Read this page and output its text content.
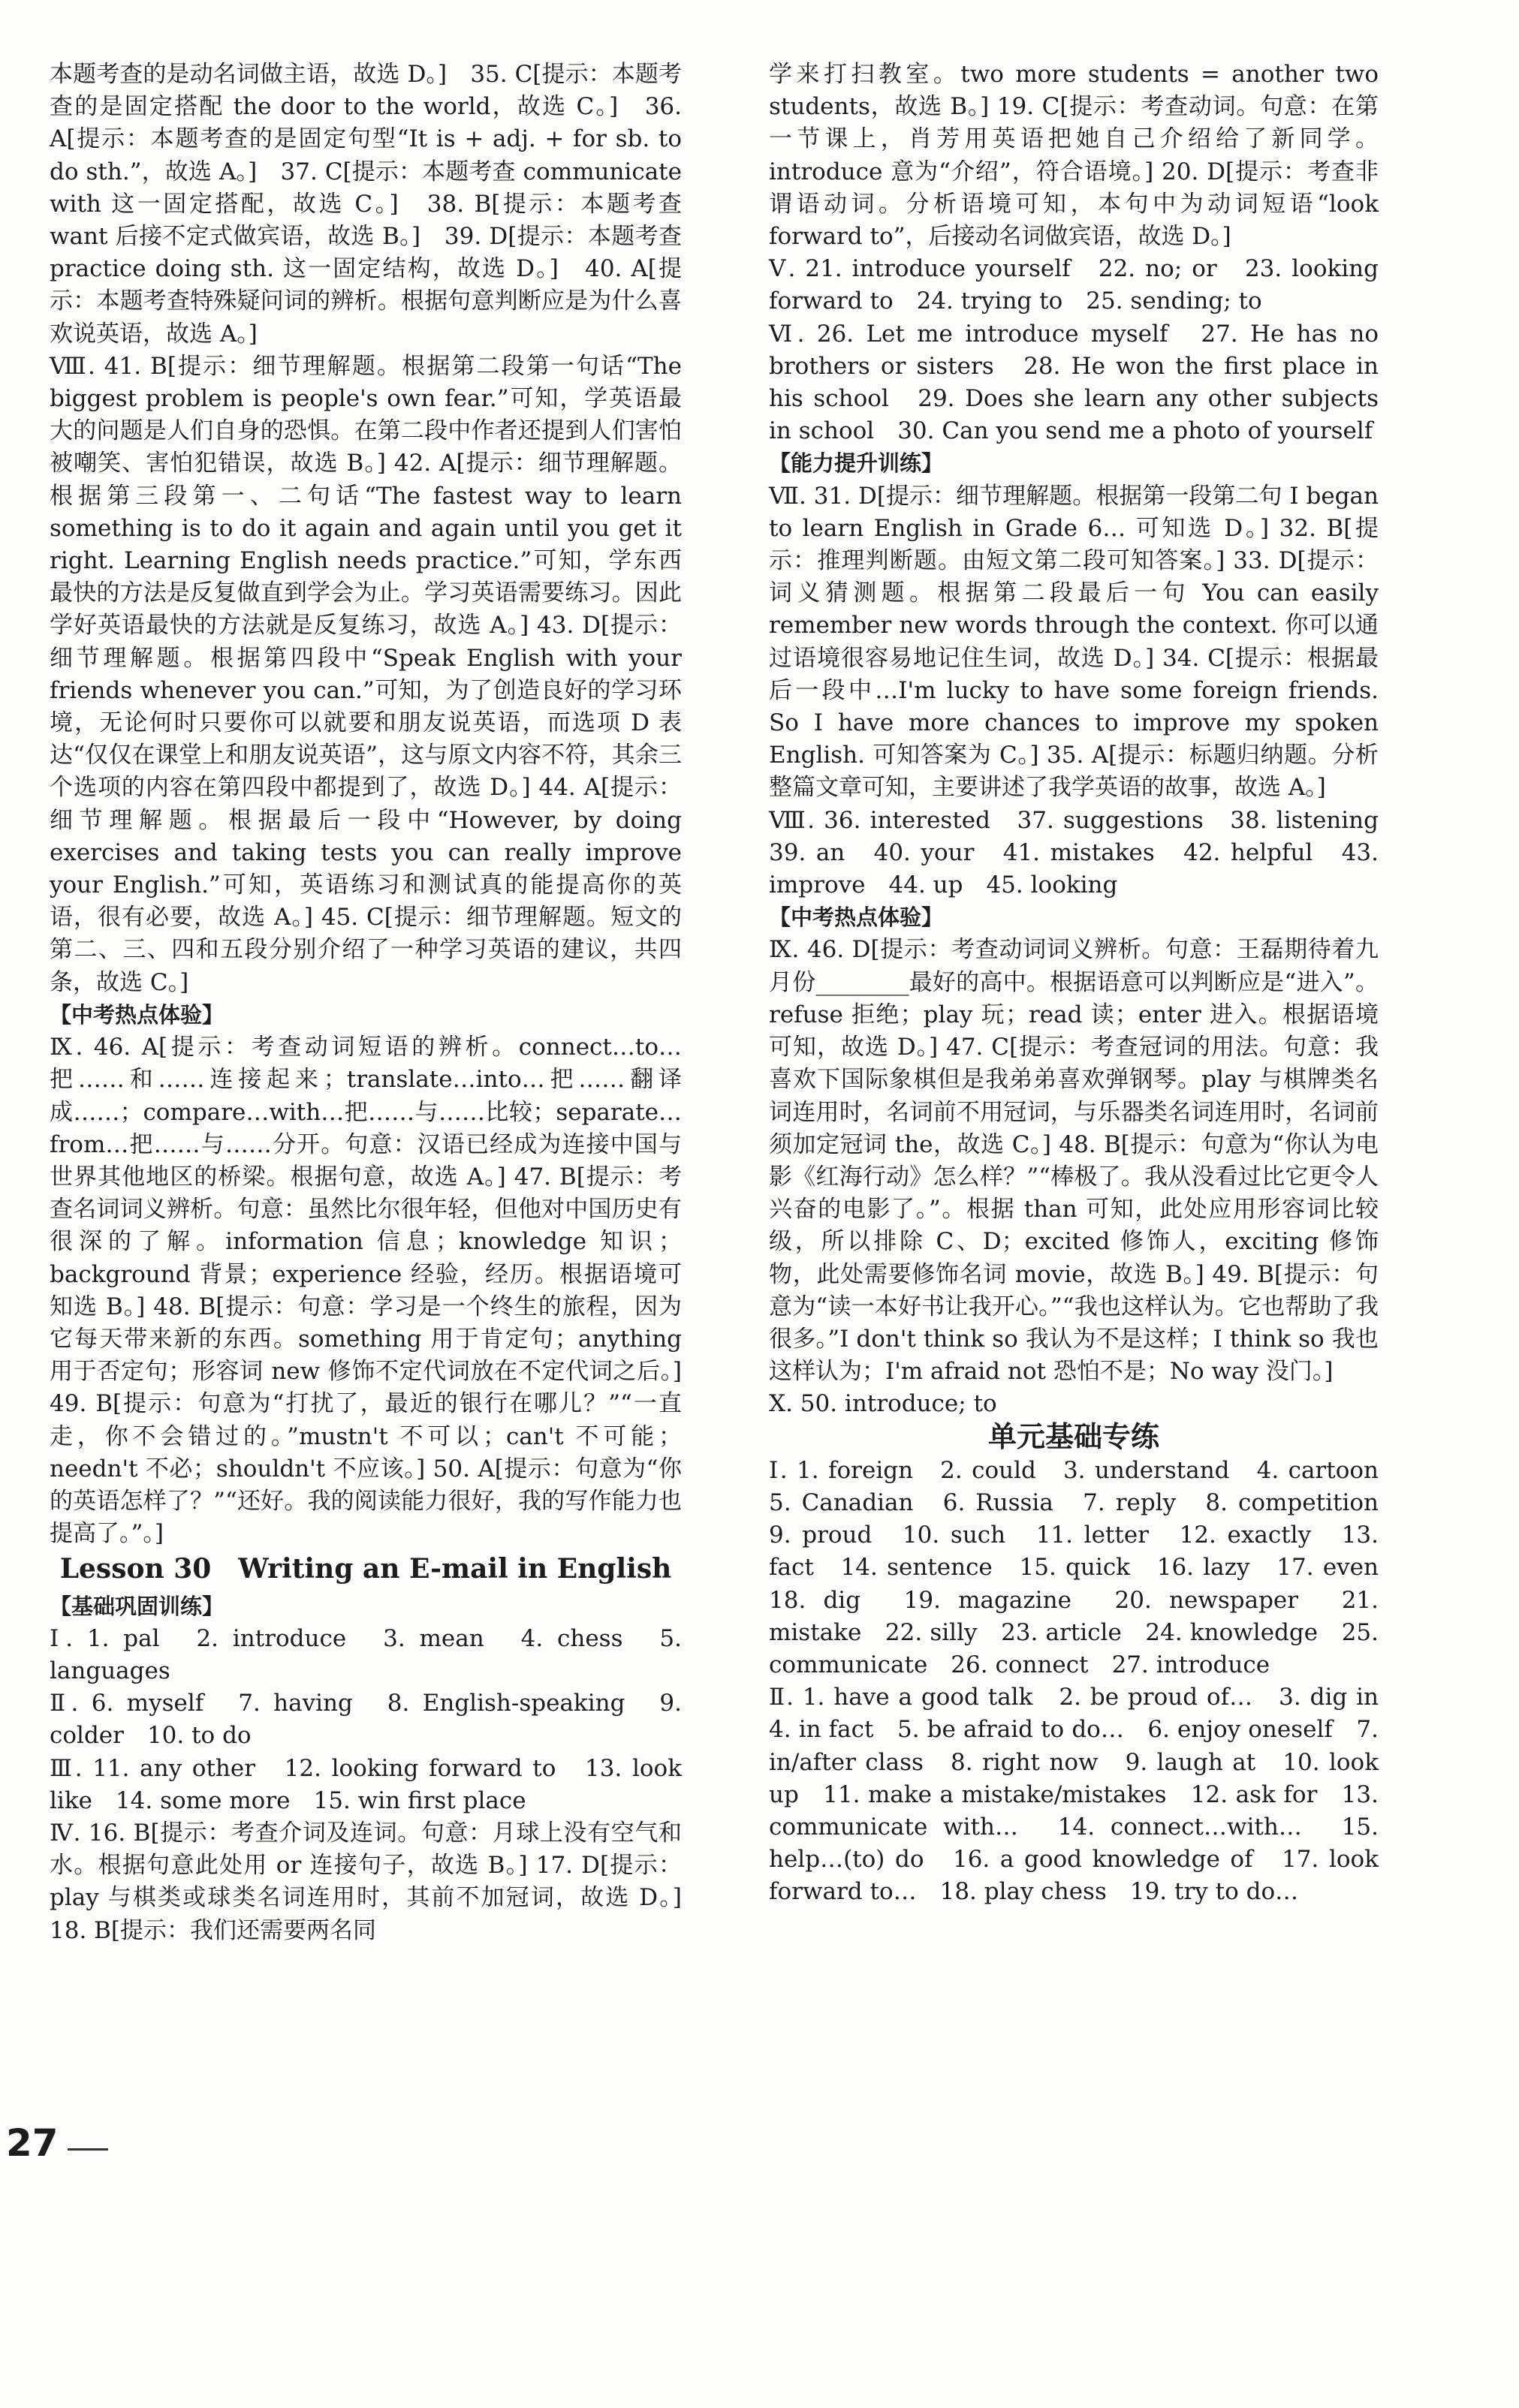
本题考查的是动名词做主语，故选 D。]　35. C[提示：本题考查的是固定搭配 the door to the world，故选 C。]　36. A[提示：本题考查的是固定句型“It is + adj. + for sb. to do sth.”，故选 A。]　37. C[提示：本题考查 communicate with 这一固定搭配，故选 C。]　38. B[提示：本题考查 want 后接不定式做宾语，故选 B。]　39. D[提示：本题考查 practice doing sth. 这一固定结构，故选 D。]　40. A[提示：本题考查特殊疑问词的辨析。根据句意判断应是为什么喜欢说英语，故选 A。]
Ⅷ. 41. B[提示：细节理解题。根据第二段第一句话“The biggest problem is people's own fear.”可知，学英语最大的问题是人们自身的恐惧。在第二段中作者还提到人们害怕被嘲笑、害怕犯错误，故选 B。] 42. A[提示：细节理解题。根据第三段第一、二句话“The fastest way to learn something is to do it again and again until you get it right. Learning English needs practice.”可知，学东西最快的方法是反复做直到学会为止。学习英语需要练习。因此学好英语最快的方法就是反复练习，故选 A。] 43. D[提示：细节理解题。根据第四段中“Speak English with your friends whenever you can.”可知，为了创造良好的学习环境，无论何时只要你可以就要和朋友说英语，而选项 D 表达“仅仅在课堂上和朋友说英语”，这与原文内容不符，其余三个选项的内容在第四段中都提到了，故选 D。] 44. A[提示：细节理解题。根据最后一段中“However, by doing exercises and taking tests you can really improve your English.”可知，英语练习和测试真的能提高你的英语，很有必要，故选 A。] 45. C[提示：细节理解题。短文的第二、三、四和五段分别介绍了一种学习英语的建议，共四条，故选 C。]
【中考热点体验】
Ⅸ. 46. A[提示：考查动词短语的辨析。connect…to…把……和……连接起来；translate…into…把……翻译成……；compare…with…把……与……比较；separate…from…把……与……分开。句意：汉语已经成为连接中国与世界其他地区的桥梁。根据句意，故选 A。] 47. B[提示：考查名词词义辨析。句意：虽然比尔很年轻，但他对中国历史有很深的了解。information 信息；knowledge 知识；background 背景；experience 经验，经历。根据语境可知选 B。] 48. B[提示：句意：学习是一个终生的旅程，因为它每天带来新的东西。something 用于肯定句；anything 用于否定句；形容词 new 修饰不定代词放在不定代词之后。] 49. B[提示：句意为“打扰了，最近的银行在哪儿？”“一直走，你不会错过的。”mustn't 不可以；can't 不可能；needn't 不必；shouldn't 不应该。] 50. A[提示：句意为“你的英语怎样了？”“还好。我的阅读能力很好，我的写作能力也提高了。”。]
Lesson 30　Writing an E-mail in English
【基础巩固训练】
Ⅰ. 1. pal　2. introduce　3. mean　4. chess　5. languages
Ⅱ. 6. myself　7. having　8. English-speaking　9. colder　10. to do
Ⅲ. 11. any other　12. looking forward to　13. look like　14. some more　15. win first place
Ⅳ. 16. B[提示：考查介词及连词。句意：月球上没有空气和水。根据句意此处用 or 连接句子，故选 B。] 17. D[提示：play 与棋类或球类名词连用时，其前不加冠词，故选 D。] 18. B[提示：我们还需要两名同
学来打扫教室。two more students = another two students，故选 B。] 19. C[提示：考查动词。句意：在第一节课上，肖芳用英语把她自己介绍给了新同学。introduce 意为“介绍”，符合语境。] 20. D[提示：考查非谓语动词。分析语境可知，本句中为动词短语“look forward to”，后接动名词做宾语，故选 D。]
Ⅴ. 21. introduce yourself　22. no; or　23. looking forward to　24. trying to　25. sending; to
Ⅵ. 26. Let me introduce myself　27. He has no brothers or sisters　28. He won the first place in his school　29. Does she learn any other subjects in school　30. Can you send me a photo of yourself
【能力提升训练】
Ⅶ. 31. D[提示：细节理解题。根据第一段第二句 I began to learn English in Grade 6… 可知选 D。] 32. B[提示：推理判断题。由短文第二段可知答案。] 33. D[提示：词义猜测题。根据第二段最后一句 You can easily remember new words through the context. 你可以通过语境很容易地记住生词，故选 D。] 34. C[提示：根据最后一段中…I'm lucky to have some foreign friends. So I have more chances to improve my spoken English. 可知答案为 C。] 35. A[提示：标题归纳题。分析整篇文章可知，主要讲述了我学英语的故事，故选 A。]
Ⅷ. 36. interested　37. suggestions　38. listening　39. an　40. your　41. mistakes　42. helpful　43. improve　44. up　45. looking
【中考热点体验】
Ⅸ. 46. D[提示：考查动词词义辨析。句意：王磊期待着九月份________最好的高中。根据语意可以判断应是“进入”。refuse 拒绝；play 玩；read 读；enter 进入。根据语境可知，故选 D。] 47. C[提示：考查冠词的用法。句意：我喜欢下国际象棋但是我弟弟喜欢弹钢琴。play 与棋牌类名词连用时，名词前不用冠词，与乐器类名词连用时，名词前须加定冠词 the，故选 C。] 48. B[提示：句意为“你认为电影《红海行动》怎么样？”“棒极了。我从没看过比它更令人兴奋的电影了。”。根据 than 可知，此处应用形容词比较级，所以排除 C、D；excited 修饰人，exciting 修饰物，此处需要修饰名词 movie，故选 B。] 49. B[提示：句意为“读一本好书让我开心。”“我也这样认为。它也帮助了我很多。”I don't think so 我认为不是这样；I think so 我也这样认为；I'm afraid not 恐怕不是；No way 没门。]
Ⅹ. 50. introduce; to
单元基础专练
Ⅰ. 1. foreign　2. could　3. understand　4. cartoon　5. Canadian　6. Russia　7. reply　8. competition　9. proud　10. such　11. letter　12. exactly　13. fact　14. sentence　15. quick　16. lazy　17. even　18. dig　19. magazine　20. newspaper　21. mistake　22. silly　23. article　24. knowledge　25. communicate　26. connect　27. introduce
Ⅱ. 1. have a good talk　2. be proud of…　3. dig in　4. in fact　5. be afraid to do…　6. enjoy oneself　7. in/after class　8. right now　9. laugh at　10. look up　11. make a mistake/mistakes　12. ask for　13. communicate with…　14. connect…with…　15. help…(to) do　16. a good knowledge of　17. look forward to…　18. play chess　19. try to do…
27
